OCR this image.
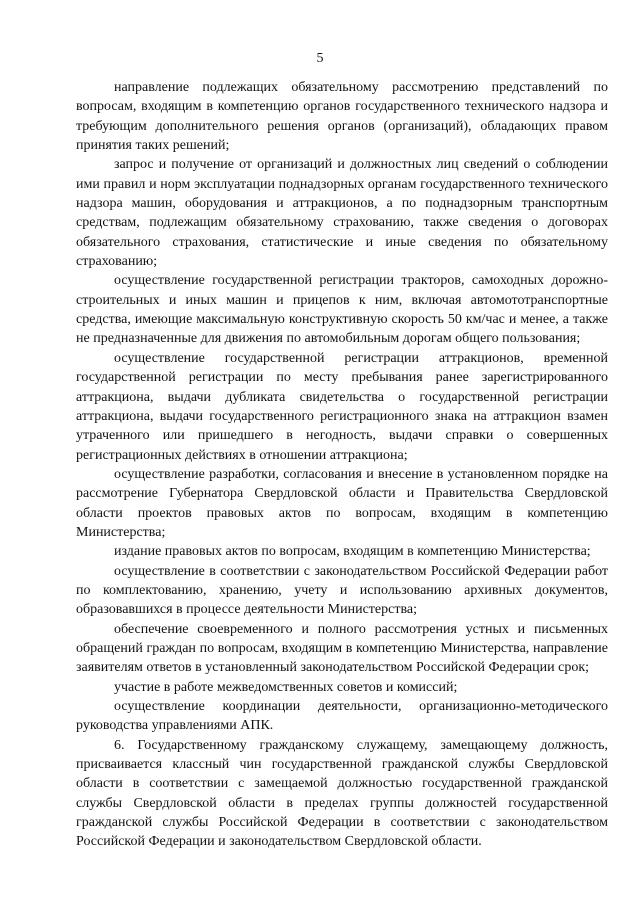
5

направление подлежащих обязательному рассмотрению представлений по вопросам, входящим в компетенцию органов государственного технического надзора и требующим дополнительного решения органов (организаций), обладающих правом принятия таких решений;

запрос и получение от организаций и должностных лиц сведений о соблюдении ими правил и норм эксплуатации поднадзорных органам государственного технического надзора машин, оборудования и аттракционов, а по поднадзорным транспортным средствам, подлежащим обязательному страхованию, также сведения о договорах обязательного страхования, статистические и иные сведения по обязательному страхованию;

осуществление государственной регистрации тракторов, самоходных дорожно-строительных и иных машин и прицепов к ним, включая автомототранспортные средства, имеющие максимальную конструктивную скорость 50 км/час и менее, а также не предназначенные для движения по автомобильным дорогам общего пользования;

осуществление государственной регистрации аттракционов, временной государственной регистрации по месту пребывания ранее зарегистрированного аттракциона, выдачи дубликата свидетельства о государственной регистрации аттракциона, выдачи государственного регистрационного знака на аттракцион взамен утраченного или пришедшего в негодность, выдачи справки о совершенных регистрационных действиях в отношении аттракциона;

осуществление разработки, согласования и внесение в установленном порядке на рассмотрение Губернатора Свердловской области и Правительства Свердловской области проектов правовых актов по вопросам, входящим в компетенцию Министерства;

издание правовых актов по вопросам, входящим в компетенцию Министерства;

осуществление в соответствии с законодательством Российской Федерации работ по комплектованию, хранению, учету и использованию архивных документов, образовавшихся в процессе деятельности Министерства;

обеспечение своевременного и полного рассмотрения устных и письменных обращений граждан по вопросам, входящим в компетенцию Министерства, направление заявителям ответов в установленный законодательством Российской Федерации срок;

участие в работе межведомственных советов и комиссий;

осуществление координации деятельности, организационно-методического руководства управлениями АПК.

6. Государственному гражданскому служащему, замещающему должность, присваивается классный чин государственной гражданской службы Свердловской области в соответствии с замещаемой должностью государственной гражданской службы Свердловской области в пределах группы должностей государственной гражданской службы Российской Федерации в соответствии с законодательством Российской Федерации и законодательством Свердловской области.
